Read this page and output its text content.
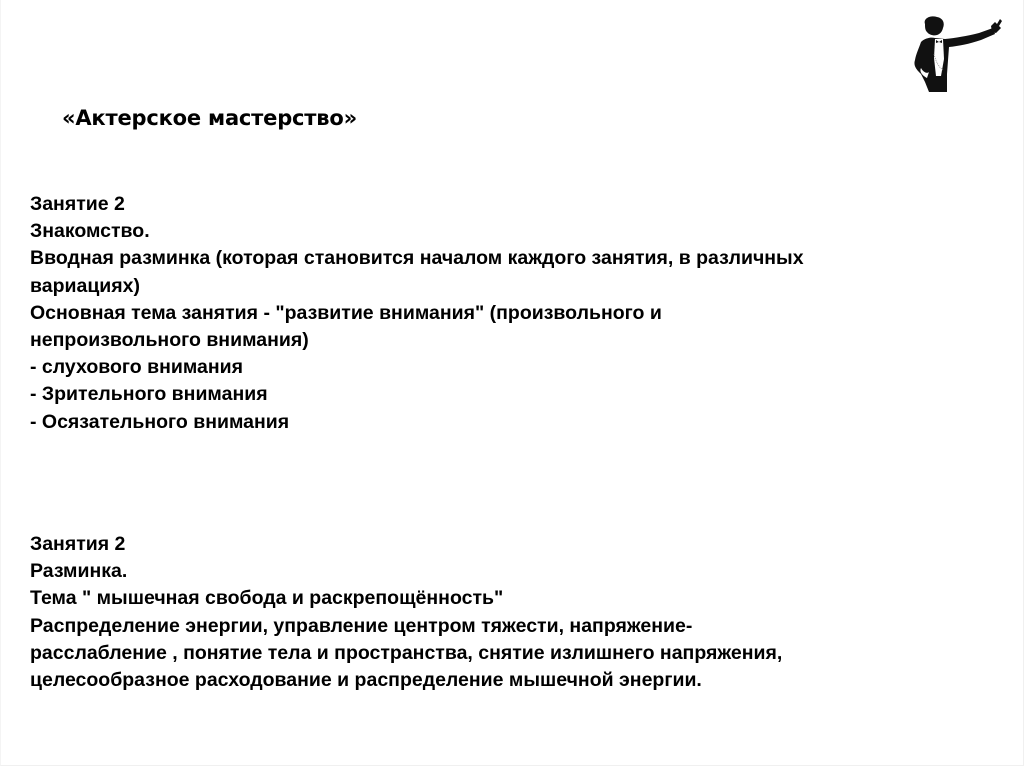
«Актерское мастерство»
Занятие 2
Знакомство.
Вводная разминка (которая становится началом каждого занятия, в различных
вариациях)
Основная тема занятия - "развитие внимания" (произвольного и
непроизвольного внимания)
- слухового внимания
- Зрительного внимания
- Осязательного внимания
Занятия 2
Разминка.
Тема " мышечная свобода и раскрепощённость"
Распределение энергии, управление центром тяжести, напряжение-
расслабление , понятие тела и пространства, снятие излишнего напряжения,
целесообразное расходование и распределение мышечной энергии.
